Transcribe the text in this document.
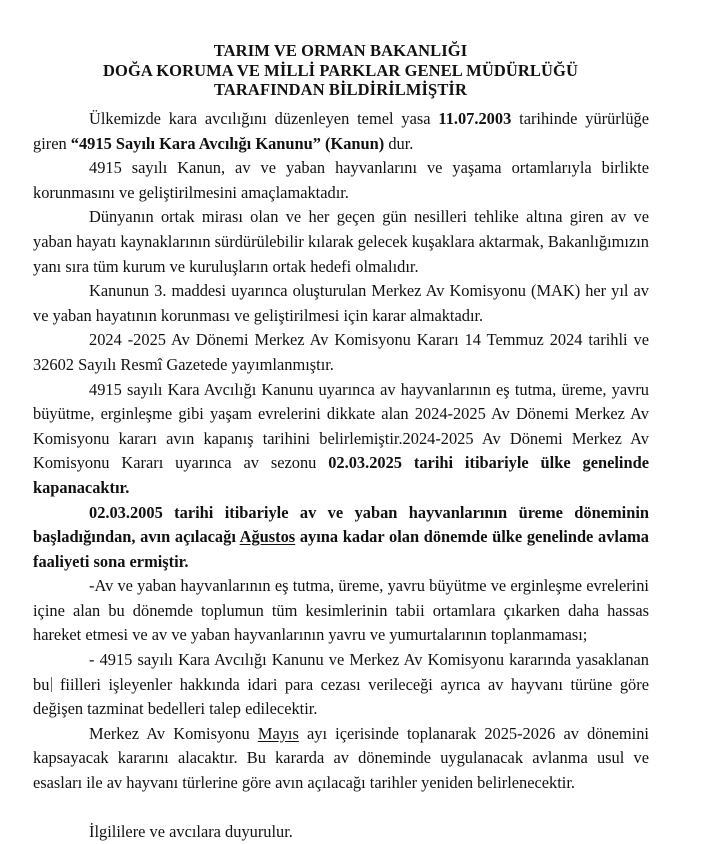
TARIM VE ORMAN BAKANLIĞI
DOĞA KORUMA VE MİLLİ PARKLAR GENEL MÜDÜRLÜĞÜ
TARAFINDAN BİLDİRİLMİŞTİR

Ülkemizde kara avcılığını düzenleyen temel yasa 11.07.2003 tarihinde yürürlüğe giren “4915 Sayılı Kara Avcılığı Kanunu” (Kanun) dur.

4915 sayılı Kanun, av ve yaban hayvanlarını ve yaşama ortamlarıyla birlikte korunmasını ve geliştirilmesini amaçlamaktadır.

Dünyanın ortak mirası olan ve her geçen gün nesilleri tehlike altına giren av ve yaban hayatı kaynaklarının sürdürülebilir kılarak gelecek kuşaklara aktarmak, Bakanlığımızın yanı sıra tüm kurum ve kuruluşların ortak hedefi olmalıdır.

Kanunun 3. maddesi uyarınca oluşturulan Merkez Av Komisyonu (MAK) her yıl av ve yaban hayatının korunması ve geliştirilmesi için karar almaktadır.

2024 -2025 Av Dönemi Merkez Av Komisyonu Kararı 14 Temmuz 2024 tarihli ve 32602 Sayılı Resmî Gazetede yayımlanmıştır.

4915 sayılı Kara Avcılığı Kanunu uyarınca av hayvanlarının eş tutma, üreme, yavru büyütme, erginleşme gibi yaşam evrelerini dikkate alan 2024-2025 Av Dönemi Merkez Av Komisyonu kararı avın kapanış tarihini belirlemiştir.2024-2025 Av Dönemi Merkez Av Komisyonu Kararı uyarınca av sezonu 02.03.2025 tarihi itibariyle ülke genelinde kapanacaktır.

02.03.2005 tarihi itibariyle av ve yaban hayvanlarının üreme döneminin başladığından, avın açılacağı Ağustos ayına kadar olan dönemde ülke genelinde avlama faaliyeti sona ermiştir.

-Av ve yaban hayvanlarının eş tutma, üreme, yavru büyütme ve erginleşme evrelerini içine alan bu dönemde toplumun tüm kesimlerinin tabii ortamlara çıkarken daha hassas hareket etmesi ve av ve yaban hayvanlarının yavru ve yumurtalarının toplanmaması;

- 4915 sayılı Kara Avcılığı Kanunu ve Merkez Av Komisyonu kararında yasaklanan bu fiilleri işleyenler hakkında idari para cezası verileceği ayrıca av hayvanı türüne göre değişen tazminat bedelleri talep edilecektir.

Merkez Av Komisyonu Mayıs ayı içerisinde toplanarak 2025-2026 av dönemini kapsayacak kararını alacaktır. Bu kararda av döneminde uygulanacak avlanma usul ve esasları ile av hayvanı türlerine göre avın açılacağı tarihler yeniden belirlenecektir.

İlgililere ve avcılara duyurulur.
